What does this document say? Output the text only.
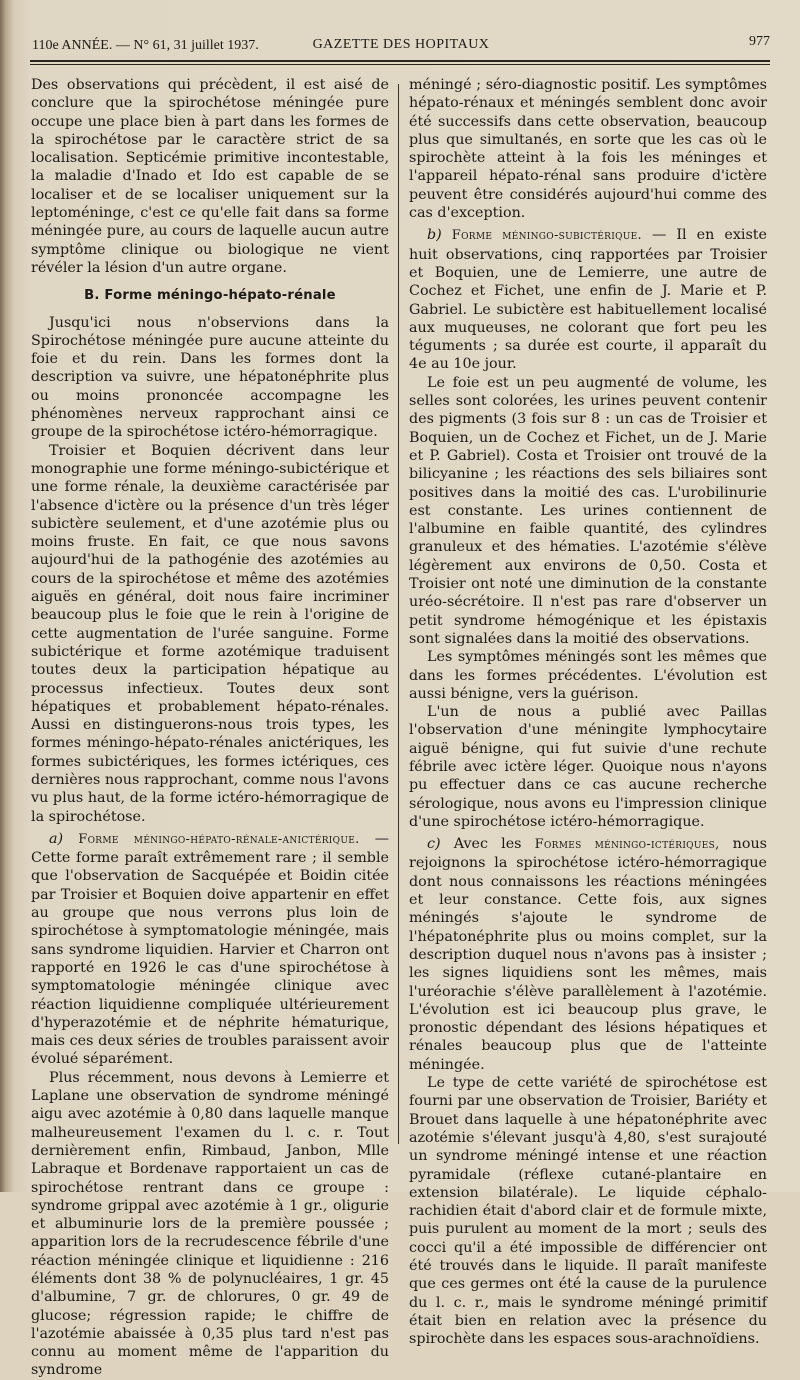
110e ANNÉE. — N° 61, 31 juillet 1937.	GAZETTE DES HOPITAUX	977

Des observations qui précèdent, il est aisé de conclure que la spirochétose méningée pure occupe une place bien à part dans les formes de la spirochétose par le caractère strict de sa localisation. Septicémie primitive incontestable, la maladie d'Inado et Ido est capable de se localiser et de se localiser uniquement sur la leptoméninge, c'est ce qu'elle fait dans sa forme méningée pure, au cours de laquelle aucun autre symptôme clinique ou biologique ne vient révéler la lésion d'un autre organe.

B. Forme méningo-hépato-rénale

Jusqu'ici nous n'observions dans la Spirochétose méningée pure aucune atteinte du foie et du rein. Dans les formes dont la description va suivre, une hépatonéphrite plus ou moins prononcée accompagne les phénomènes nerveux rapprochant ainsi ce groupe de la spirochétose ictéro-hémorragique.

Troisier et Boquien décrivent dans leur monographie une forme méningo-subictérique et une forme rénale, la deuxième caractérisée par l'absence d'ictère ou la présence d'un très léger subictère seulement, et d'une azotémie plus ou moins fruste. En fait, ce que nous savons aujourd'hui de la pathogénie des azotémies au cours de la spirochétose et même des azotémies aiguës en général, doit nous faire incriminer beaucoup plus le foie que le rein à l'origine de cette augmentation de l'urée sanguine. Forme subictérique et forme azotémique traduisent toutes deux la participation hépatique au processus infectieux. Toutes deux sont hépatiques et probablement hépato-rénales. Aussi en distinguerons-nous trois types, les formes méningo-hépato-rénales anictériques, les formes subictériques, les formes ictériques, ces dernières nous rapprochant, comme nous l'avons vu plus haut, de la forme ictéro-hémorragique de la spirochétose.

a) Forme méningo-hépato-rénale-anictérique. — Cette forme paraît extrêmement rare ; il semble que l'observation de Sacquépée et Boidin citée par Troisier et Boquien doive appartenir en effet au groupe que nous verrons plus loin de spirochétose à symptomatologie méningée, mais sans syndrome liquidien. Harvier et Charron ont rapporté en 1926 le cas d'une spirochétose à symptomatologie méningée clinique avec réaction liquidienne compliquée ultérieurement d'hyperazotémie et de néphrite hématurique, mais ces deux séries de troubles paraissent avoir évolué séparément.

Plus récemment, nous devons à Lemierre et Laplane une observation de syndrome méningé aigu avec azotémie à 0,80 dans laquelle manque malheureusement l'examen du l. c. r. Tout dernièrement enfin, Rimbaud, Janbon, Mlle Labraque et Bordenave rapportaient un cas de spirochétose rentrant dans ce groupe : syndrome grippal avec azotémie à 1 gr., oligurie et albuminurie lors de la première poussée ; apparition lors de la recrudescence fébrile d'une réaction méningée clinique et liquidienne : 216 éléments dont 38 % de polynucléaires, 1 gr. 45 d'albumine, 7 gr. de chlorures, 0 gr. 49 de glucose; régression rapide; le chiffre de l'azotémie abaissée à 0,35 plus tard n'est pas connu au moment même de l'apparition du syndrome

méningé ; séro-diagnostic positif. Les symptômes hépato-rénaux et méningés semblent donc avoir été successifs dans cette observation, beaucoup plus que simultanés, en sorte que les cas où le spirochète atteint à la fois les méninges et l'appareil hépato-rénal sans produire d'ictère peuvent être considérés aujourd'hui comme des cas d'exception.

b) Forme méningo-subictérique. — Il en existe huit observations, cinq rapportées par Troisier et Boquien, une de Lemierre, une autre de Cochez et Fichet, une enfin de J. Marie et P. Gabriel. Le subictère est habituellement localisé aux muqueuses, ne colorant que fort peu les téguments ; sa durée est courte, il apparaît du 4e au 10e jour.

Le foie est un peu augmenté de volume, les selles sont colorées, les urines peuvent contenir des pigments (3 fois sur 8 : un cas de Troisier et Boquien, un de Cochez et Fichet, un de J. Marie et P. Gabriel). Costa et Troisier ont trouvé de la bilicyanine ; les réactions des sels biliaires sont positives dans la moitié des cas. L'urobilinurie est constante. Les urines contiennent de l'albumine en faible quantité, des cylindres granuleux et des hématies. L'azotémie s'élève légèrement aux environs de 0,50. Costa et Troisier ont noté une diminution de la constante uréo-sécrétoire. Il n'est pas rare d'observer un petit syndrome hémogénique et les épistaxis sont signalées dans la moitié des observations.

Les symptômes méningés sont les mêmes que dans les formes précédentes. L'évolution est aussi bénigne, vers la guérison.

L'un de nous a publié avec Paillas l'observation d'une méningite lymphocytaire aiguë bénigne, qui fut suivie d'une rechute fébrile avec ictère léger. Quoique nous n'ayons pu effectuer dans ce cas aucune recherche sérologique, nous avons eu l'impression clinique d'une spirochétose ictéro-hémorragique.

c) Avec les Formes méningo-ictériques, nous rejoignons la spirochétose ictéro-hémorragique dont nous connaissons les réactions méningées et leur constance. Cette fois, aux signes méningés s'ajoute le syndrome de l'hépatonéphrite plus ou moins complet, sur la description duquel nous n'avons pas à insister ; les signes liquidiens sont les mêmes, mais l'uréorachie s'élève parallèlement à l'azotémie. L'évolution est ici beaucoup plus grave, le pronostic dépendant des lésions hépatiques et rénales beaucoup plus que de l'atteinte méningée.

Le type de cette variété de spirochétose est fourni par une observation de Troisier, Bariéty et Brouet dans laquelle à une hépatonéphrite avec azotémie s'élevant jusqu'à 4,80, s'est surajouté un syndrome méningé intense et une réaction pyramidale (réflexe cutané-plantaire en extension bilatérale). Le liquide céphalo-rachidien était d'abord clair et de formule mixte, puis purulent au moment de la mort ; seuls des cocci qu'il a été impossible de différencier ont été trouvés dans le liquide. Il paraît manifeste que ces germes ont été la cause de la purulence du l. c. r., mais le syndrome méningé primitif était bien en relation avec la présence du spirochète dans les espaces sous-arachnoïdiens.
